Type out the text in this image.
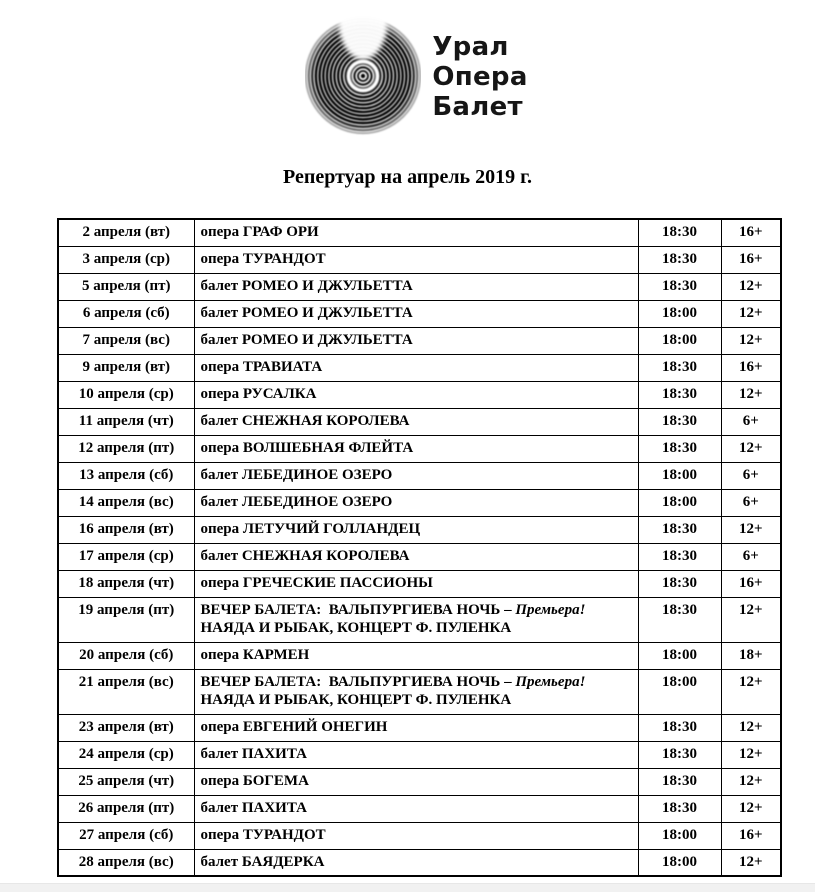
Урал
Опера
Балет
Репертуар на апрель 2019 г.
2 апреля (вт)	опера ГРАФ ОРИ	18:30	16+
3 апреля (ср)	опера ТУРАНДОТ	18:30	16+
5 апреля (пт)	балет РОМЕО И ДЖУЛЬЕТТА	18:30	12+
6 апреля (сб)	балет РОМЕО И ДЖУЛЬЕТТА	18:00	12+
7 апреля (вс)	балет РОМЕО И ДЖУЛЬЕТТА	18:00	12+
9 апреля (вт)	опера ТРАВИАТА	18:30	16+
10 апреля (ср)	опера РУСАЛКА	18:30	12+
11 апреля (чт)	балет СНЕЖНАЯ КОРОЛЕВА	18:30	6+
12 апреля (пт)	опера ВОЛШЕБНАЯ ФЛЕЙТА	18:30	12+
13 апреля (сб)	балет ЛЕБЕДИНОЕ ОЗЕРО	18:00	6+
14 апреля (вс)	балет ЛЕБЕДИНОЕ ОЗЕРО	18:00	6+
16 апреля (вт)	опера ЛЕТУЧИЙ ГОЛЛАНДЕЦ	18:30	12+
17 апреля (ср)	балет СНЕЖНАЯ КОРОЛЕВА	18:30	6+
18 апреля (чт)	опера ГРЕЧЕСКИЕ ПАССИОНЫ	18:30	16+
19 апреля (пт)	ВЕЧЕР БАЛЕТА:  ВАЛЬПУРГИЕВА НОЧЬ – Премьера!
НАЯДА И РЫБАК, КОНЦЕРТ Ф. ПУЛЕНКА	18:30	12+
20 апреля (сб)	опера КАРМЕН	18:00	18+
21 апреля (вс)	ВЕЧЕР БАЛЕТА:  ВАЛЬПУРГИЕВА НОЧЬ – Премьера!
НАЯДА И РЫБАК, КОНЦЕРТ Ф. ПУЛЕНКА	18:00	12+
23 апреля (вт)	опера ЕВГЕНИЙ ОНЕГИН	18:30	12+
24 апреля (ср)	балет ПАХИТА	18:30	12+
25 апреля (чт)	опера БОГЕМА	18:30	12+
26 апреля (пт)	балет ПАХИТА	18:30	12+
27 апреля (сб)	опера ТУРАНДОТ	18:00	16+
28 апреля (вс)	балет БАЯДЕРКА	18:00	12+
